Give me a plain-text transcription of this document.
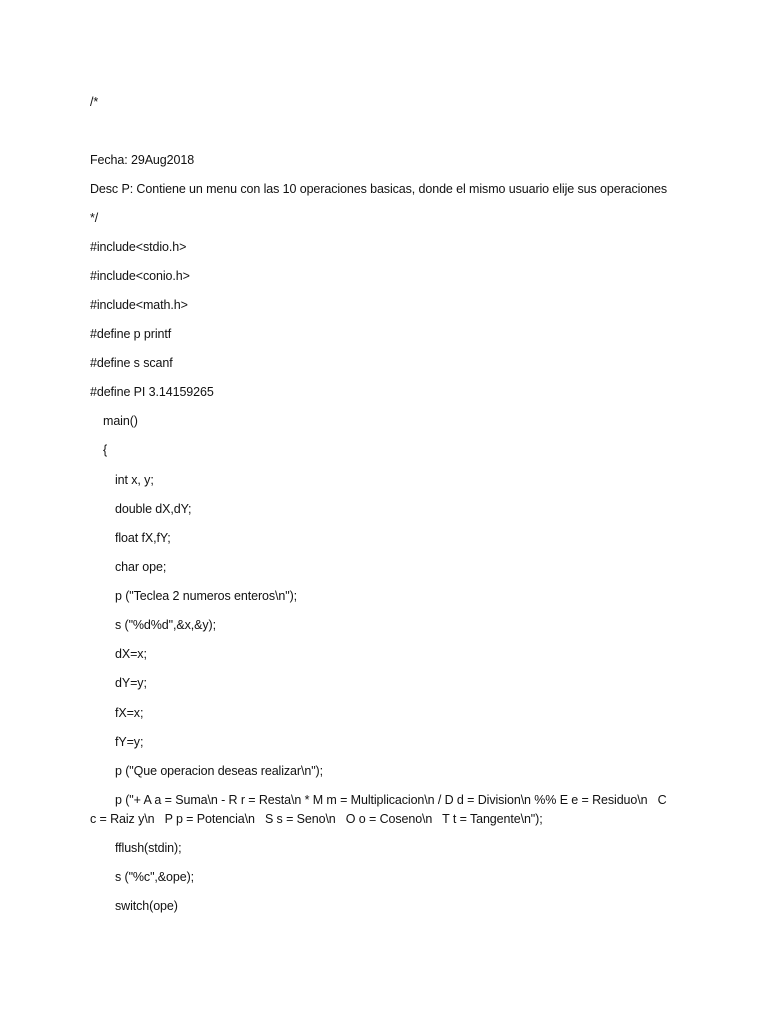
/*
Fecha: 29Aug2018
Desc P: Contiene un menu con las 10 operaciones basicas, donde el mismo usuario elije sus operaciones
*/
#include<stdio.h>
#include<conio.h>
#include<math.h>
#define p printf
#define s scanf
#define PI 3.14159265
main()
{
int x, y;
double dX,dY;
float fX,fY;
char ope;
p ("Teclea 2 numeros enteros\n");
s ("%d%d",&x,&y);
dX=x;
dY=y;
fX=x;
fY=y;
p ("Que operacion deseas realizar\n");
p ("+ A a = Suma\n - R r = Resta\n * M m = Multiplicacion\n / D d = Division\n %% E e = Residuo\n   C
c = Raiz y\n   P p = Potencia\n   S s = Seno\n   O o = Coseno\n   T t = Tangente\n");
fflush(stdin);
s ("%c",&ope);
switch(ope)
